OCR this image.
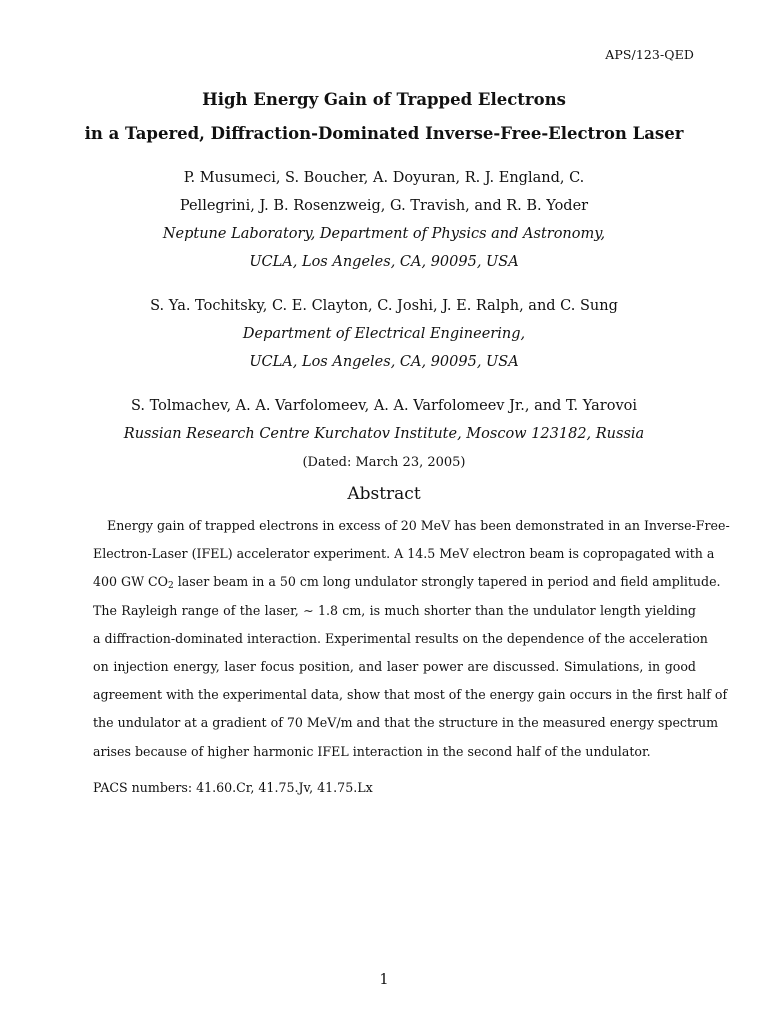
APS/123-QED
High Energy Gain of Trapped Electrons
in a Tapered, Diffraction-Dominated Inverse-Free-Electron Laser
P. Musumeci, S. Boucher, A. Doyuran, R. J. England, C.
Pellegrini, J. B. Rosenzweig, G. Travish, and R. B. Yoder
Neptune Laboratory, Department of Physics and Astronomy,
UCLA, Los Angeles, CA, 90095, USA
S. Ya. Tochitsky, C. E. Clayton, C. Joshi, J. E. Ralph, and C. Sung
Department of Electrical Engineering,
UCLA, Los Angeles, CA, 90095, USA
S. Tolmachev, A. A. Varfolomeev, A. A. Varfolomeev Jr., and T. Yarovoi
Russian Research Centre Kurchatov Institute, Moscow 123182, Russia
(Dated: March 23, 2005)
Abstract
Energy gain of trapped electrons in excess of 20 MeV has been demonstrated in an Inverse-Free-
Electron-Laser (IFEL) accelerator experiment. A 14.5 MeV electron beam is copropagated with a
400 GW $CO_2$ laser beam in a 50 cm long undulator strongly tapered in period and field amplitude.
The Rayleigh range of the laser, ∼ 1.8 cm, is much shorter than the undulator length yielding
a diffraction-dominated interaction. Experimental results on the dependence of the acceleration
on injection energy, laser focus position, and laser power are discussed. Simulations, in good
agreement with the experimental data, show that most of the energy gain occurs in the first half of
the undulator at a gradient of 70 MeV/m and that the structure in the measured energy spectrum
arises because of higher harmonic IFEL interaction in the second half of the undulator.
PACS numbers: 41.60.Cr, 41.75.Jv, 41.75.Lx
1
